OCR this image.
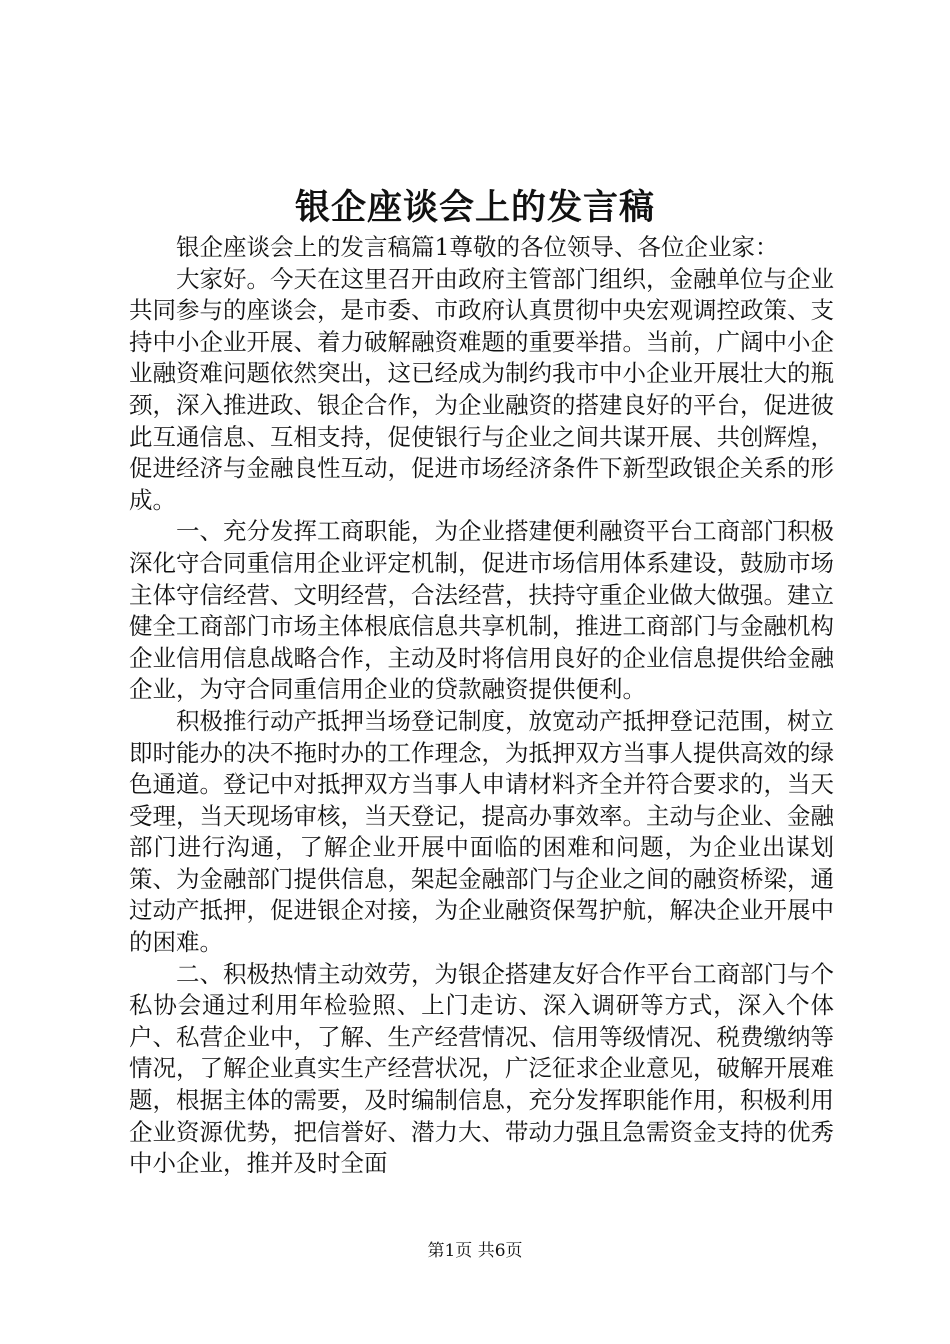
银企座谈会上的发言稿

银企座谈会上的发言稿篇1尊敬的各位领导、各位企业家：

大家好。今天在这里召开由政府主管部门组织，金融单位与企业共同参与的座谈会，是市委、市政府认真贯彻中央宏观调控政策、支持中小企业开展、着力破解融资难题的重要举措。当前，广阔中小企业融资难问题依然突出，这已经成为制约我市中小企业开展壮大的瓶颈，深入推进政、银企合作，为企业融资的搭建良好的平台，促进彼此互通信息、互相支持，促使银行与企业之间共谋开展、共创辉煌，促进经济与金融良性互动，促进市场经济条件下新型政银企关系的形成。

一、充分发挥工商职能，为企业搭建便利融资平台工商部门积极深化守合同重信用企业评定机制，促进市场信用体系建设，鼓励市场主体守信经营、文明经营，合法经营，扶持守重企业做大做强。建立健全工商部门市场主体根底信息共享机制，推进工商部门与金融机构企业信用信息战略合作，主动及时将信用良好的企业信息提供给金融企业，为守合同重信用企业的贷款融资提供便利。

积极推行动产抵押当场登记制度，放宽动产抵押登记范围，树立即时能办的决不拖时办的工作理念，为抵押双方当事人提供高效的绿色通道。登记中对抵押双方当事人申请材料齐全并符合要求的，当天受理，当天现场审核，当天登记，提高办事效率。主动与企业、金融部门进行沟通，了解企业开展中面临的困难和问题，为企业出谋划策、为金融部门提供信息，架起金融部门与企业之间的融资桥梁，通过动产抵押，促进银企对接，为企业融资保驾护航，解决企业开展中的困难。

二、积极热情主动效劳，为银企搭建友好合作平台工商部门与个私协会通过利用年检验照、上门走访、深入调研等方式，深入个体户、私营企业中，了解、生产经营情况、信用等级情况、税费缴纳等情况，了解企业真实生产经营状况，广泛征求企业意见，破解开展难题，根据主体的需要，及时编制信息，充分发挥职能作用，积极利用企业资源优势，把信誉好、潜力大、带动力强且急需资金支持的优秀中小企业，推并及时全面

第1页 共6页
